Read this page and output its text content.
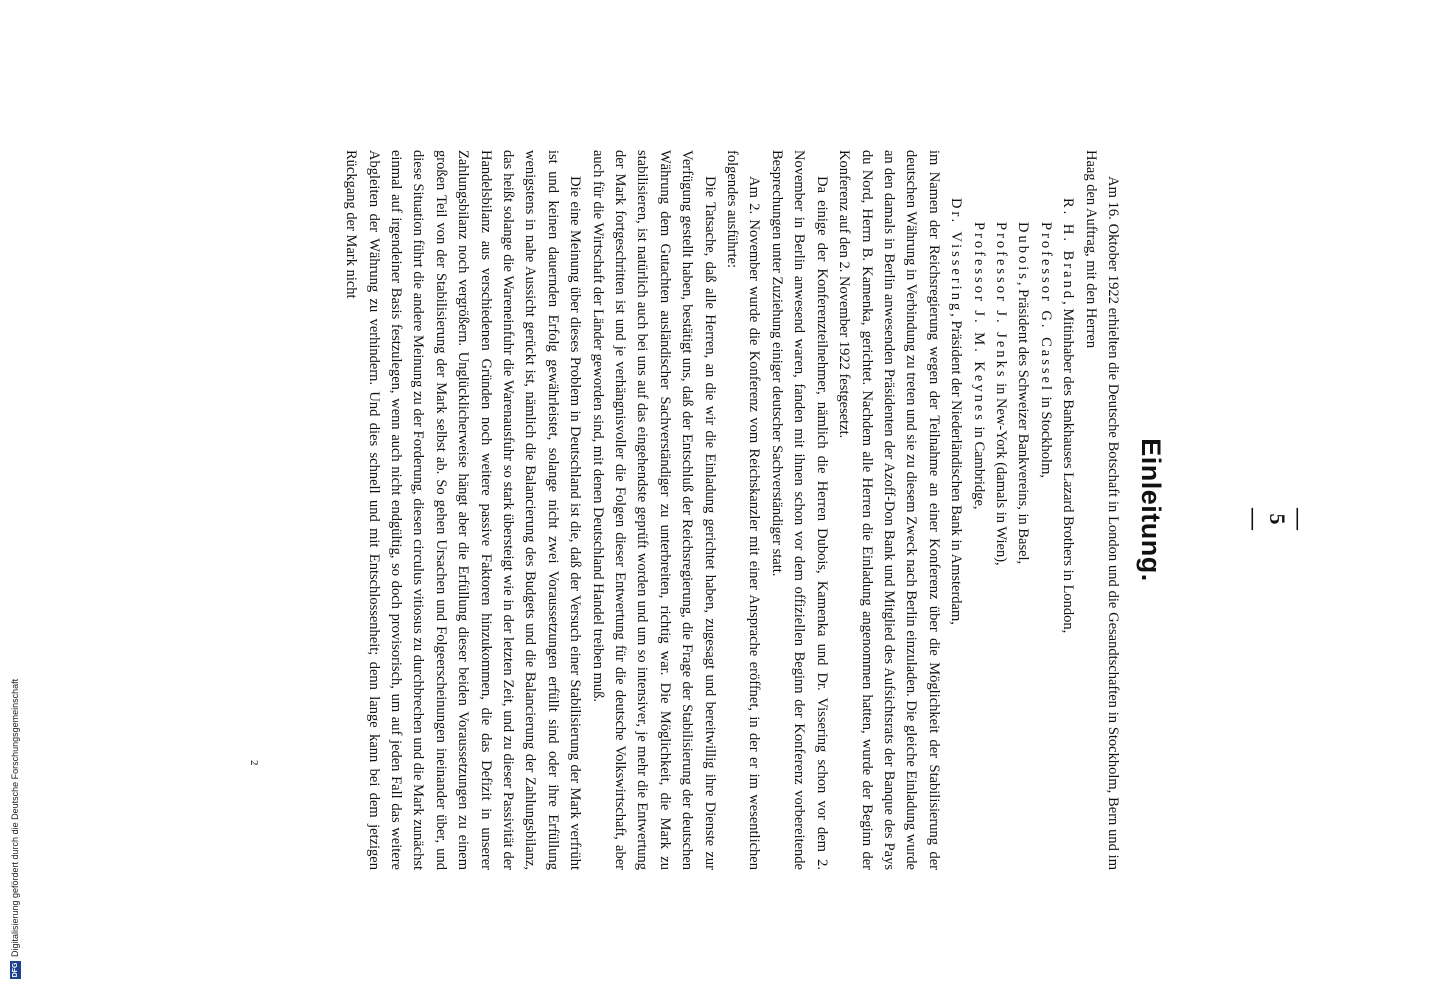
DFG
Digitalisierung gefördert durch die Deutsche Forschungsgemeinschaft
— 5 —
Einleitung.

Am 16. Oktober 1922 erhielten die Deutsche Botschaft in London und die Gesandtschaften in Stockholm, Bern und im Haag den Auftrag, mit den Herren

R. H. Brand, Mitinhaber des Bankhauses Lazard Brothers in London,
Professor G. Cassel in Stockholm,
Dubois, Präsident des Schweizer Bankvereins, in Basel,
Professor J. Jenks in New-York (damals in Wien),
Professor J. M. Keynes in Cambridge,
Dr. Vissering, Präsident der Niederländischen Bank in Amsterdam,

im Namen der Reichsregierung wegen der Teilnahme an einer Konferenz über die Möglichkeit der Stabilisierung der deutschen Währung in Verbindung zu treten und sie zu diesem Zweck nach Berlin einzuladen. Die gleiche Einladung wurde an den damals in Berlin anwesenden Präsidenten der Azoff-Don Bank und Mitglied des Aufsichtsrats der Banque des Pays du Nord, Herrn B. Kamenka, gerichtet. Nachdem alle Herren die Einladung angenommen hatten, wurde der Beginn der Konferenz auf den 2. November 1922 festgesetzt.

Da einige der Konferenzteilnehmer, nämlich die Herren Dubois, Kamenka und Dr. Vissering schon vor dem 2. November in Berlin anwesend waren, fanden mit ihnen schon vor dem offiziellen Beginn der Konferenz vorbereitende Besprechungen unter Zuziehung einiger deutscher Sachverständiger statt.

Am 2. November wurde die Konferenz vom Reichskanzler mit einer Ansprache eröffnet, in der er im wesentlichen folgendes ausführte:

Die Tatsache, daß alle Herren, an die wir die Einladung gerichtet haben, zugesagt und bereitwillig ihre Dienste zur Verfügung gestellt haben, bestätigt uns, daß der Entschluß der Reichsregierung, die Frage der Stabilisierung der deutschen Währung dem Gutachten ausländischer Sachverständiger zu unterbreiten, richtig war. Die Möglichkeit, die Mark zu stabilisieren, ist natürlich auch bei uns auf das eingehendste geprüft worden und um so intensiver, je mehr die Entwertung der Mark fortgeschritten ist und je verhängnisvoller die Folgen dieser Entwertung für die deutsche Volkswirtschaft, aber auch für die Wirtschaft der Länder geworden sind, mit denen Deutschland Handel treiben muß.

Die eine Meinung über dieses Problem in Deutschland ist die, daß der Versuch einer Stabilisierung der Mark verfrüht ist und keinen dauernden Erfolg gewährleistet, solange nicht zwei Voraussetzungen erfüllt sind oder ihre Erfüllung wenigstens in nahe Aussicht gerückt ist, nämlich die Balancierung des Budgets und die Balancierung der Zahlungsbilanz, das heißt solange die Wareneinfuhr die Warenausfuhr so stark übersteigt wie in der letzten Zeit, und zu dieser Passivität der Handelsbilanz aus verschiedenen Gründen noch weitere passive Faktoren hinzukommen, die das Defizit in unserer Zahlungsbilanz noch vergrößern. Unglücklicherweise hängt aber die Erfüllung dieser beiden Voraussetzungen zu einem großen Teil von der Stabilisierung der Mark selbst ab. So gehen Ursachen und Folgeerscheinungen ineinander über, und diese Situation führt die andere Meinung zu der Forderung, diesen circulus vitiosus zu durchbrechen und die Mark zunächst einmal auf irgendeiner Basis festzulegen, wenn auch nicht endgültig, so doch provisorisch, um auf jeden Fall das weitere Abgleiten der Währung zu verhindern. Und dies schnell und mit Entschlossenheit; denn lange kann bei dem jetzigen Rückgang der Mark nicht

2
